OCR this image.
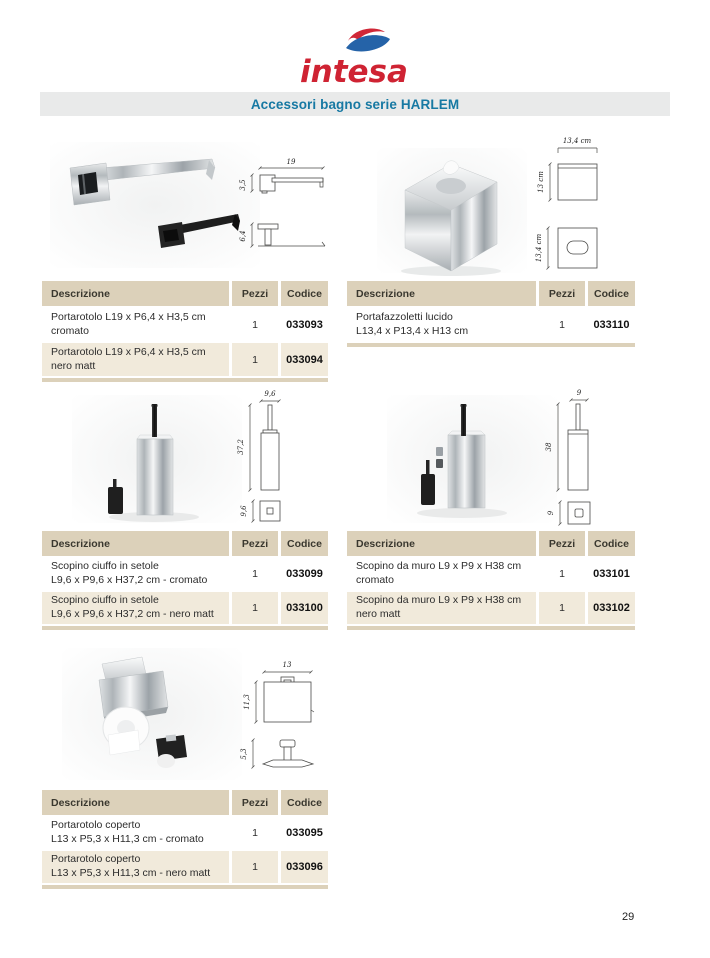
intesa
Accessori bagno serie HARLEM
19
3,5
6,4
Descrizione	Pezzi	Codice
Portarotolo L19 x P6,4 x H3,5 cm
cromato	1	033093
Portarotolo L19 x P6,4 x H3,5 cm
nero matt	1	033094
13,4 cm
13 cm
13,4 cm
Descrizione	Pezzi	Codice
Portafazzoletti lucido
L13,4 x P13,4 x H13 cm	1	033110
9,6
37,2
9,6
Descrizione	Pezzi	Codice
Scopino ciuffo in setole
L9,6 x P9,6 x H37,2 cm - cromato	1	033099
Scopino ciuffo in setole
L9,6 x P9,6 x H37,2 cm - nero matt	1	033100
9
38
9
Descrizione	Pezzi	Codice
Scopino da muro L9 x P9 x H38 cm
cromato	1	033101
Scopino da muro L9 x P9 x H38 cm
nero matt	1	033102
13
11,3
5,3
Descrizione	Pezzi	Codice
Portarotolo coperto
L13 x P5,3 x H11,3 cm - cromato	1	033095
Portarotolo coperto
L13 x P5,3 x H11,3 cm - nero matt	1	033096
29
